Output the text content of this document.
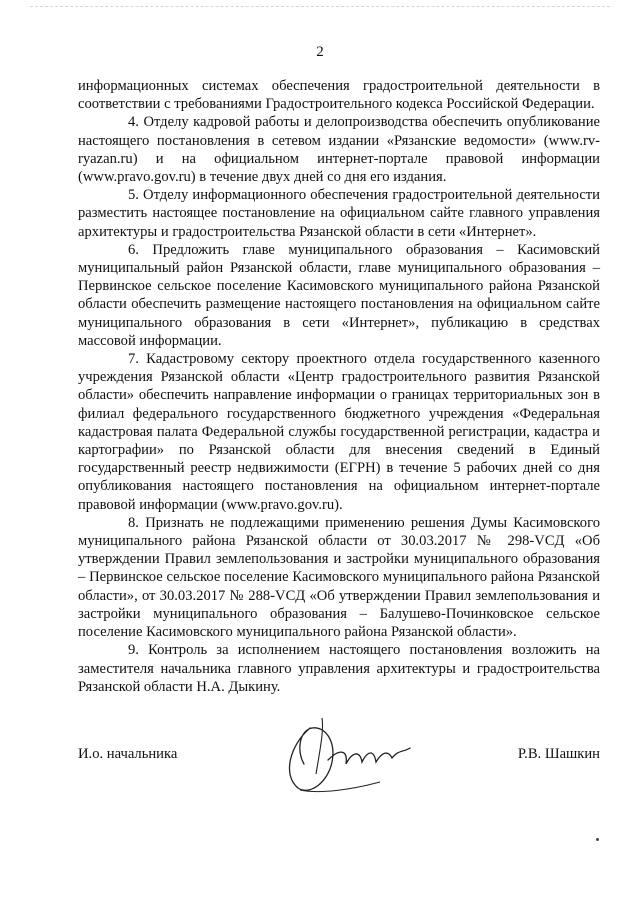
2

информационных системах обеспечения градостроительной деятельности в соответствии с требованиями Градостроительного кодекса Российской Федерации.

4. Отделу кадровой работы и делопроизводства обеспечить опубликование настоящего постановления в сетевом издании «Рязанские ведомости» (www.rv-ryazan.ru) и на официальном интернет-портале правовой информации (www.pravo.gov.ru) в течение двух дней со дня его издания.

5. Отделу информационного обеспечения градостроительной деятельности разместить настоящее постановление на официальном сайте главного управления архитектуры и градостроительства Рязанской области в сети «Интернет».

6. Предложить главе муниципального образования – Касимовский муниципальный район Рязанской области, главе муниципального образования – Первинское сельское поселение Касимовского муниципального района Рязанской области обеспечить размещение настоящего постановления на официальном сайте муниципального образования в сети «Интернет», публикацию в средствах массовой информации.

7. Кадастровому сектору проектного отдела государственного казенного учреждения Рязанской области «Центр градостроительного развития Рязанской области» обеспечить направление информации о границах территориальных зон в филиал федерального государственного бюджетного учреждения «Федеральная кадастровая палата Федеральной службы государственной регистрации, кадастра и картографии» по Рязанской области для внесения сведений в Единый государственный реестр недвижимости (ЕГРН) в течение 5 рабочих дней со дня опубликования настоящего постановления на официальном интернет-портале правовой информации (www.pravo.gov.ru).

8. Признать не подлежащими применению решения Думы Касимовского муниципального района Рязанской области от 30.03.2017 № 298-VCД «Об утверждении Правил землепользования и застройки муниципального образования – Первинское сельское поселение Касимовского муниципального района Рязанской области», от 30.03.2017 № 288-VCД «Об утверждении Правил землепользования и застройки муниципального образования – Балушево-Починковское сельское поселение Касимовского муниципального района Рязанской области».

9. Контроль за исполнением настоящего постановления возложить на заместителя начальника главного управления архитектуры и градостроительства Рязанской области Н.А. Дыкину.

И.о. начальника	Р.В. Шашкин
